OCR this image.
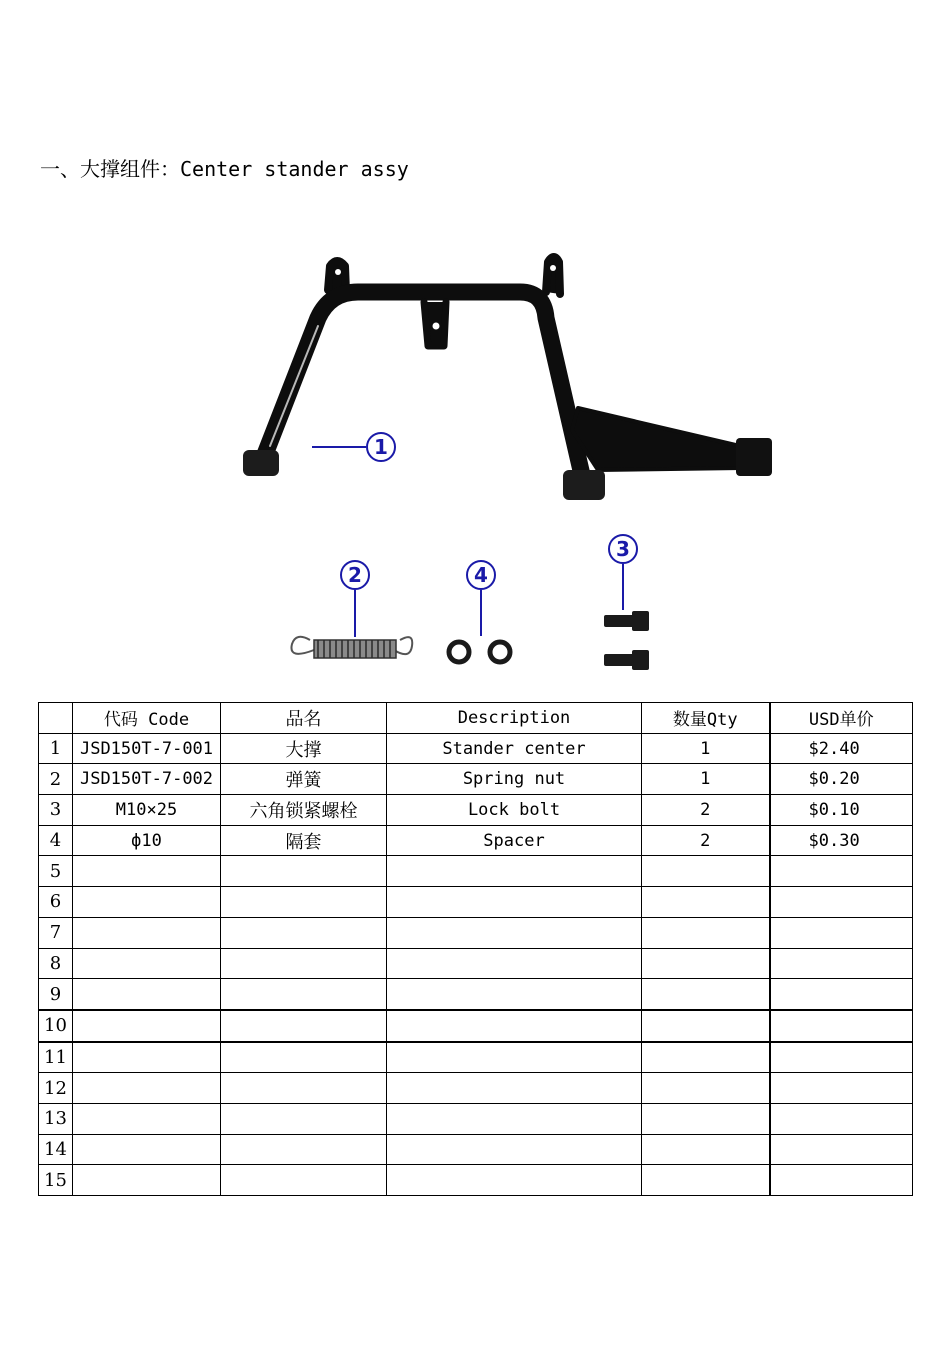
一、大撑组件：Center stander assy
1
2	4
3
	代码 Code	品名	Description	数量Qty	USD单价
1	JSD150T-7-001	大撑	Stander center	1	$2.40
2	JSD150T-7-002	弹簧	Spring nut	1	$0.20
3	M10×25	六角锁紧螺栓	Lock bolt	2	$0.10
4	ф10	隔套	Spacer	2	$0.30
5					
6					
7					
8					
9					
10					
11					
12					
13					
14					
15					
